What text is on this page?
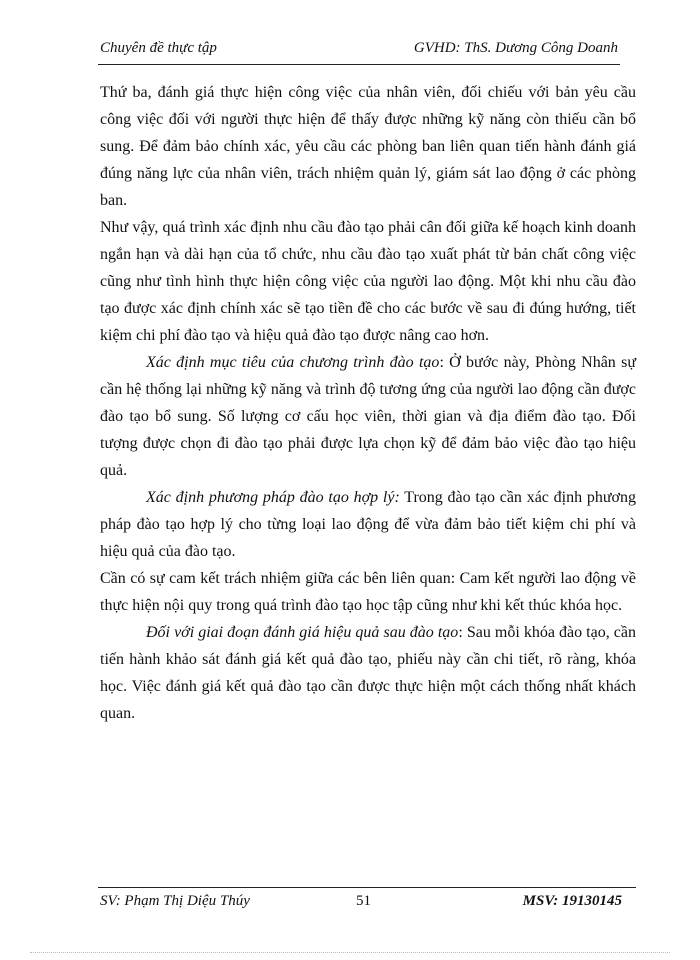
Chuyên đề thực tập	GVHD: ThS. Dương Công Doanh

Thứ ba, đánh giá thực hiện công việc của nhân viên, đối chiếu với bản yêu cầu công việc đối với người thực hiện để thấy được những kỹ năng còn thiếu cần bổ sung. Để đảm bảo chính xác, yêu cầu các phòng ban liên quan tiến hành đánh giá đúng năng lực của nhân viên, trách nhiệm quản lý, giám sát lao động ở các phòng ban.

Như vậy, quá trình xác định nhu cầu đào tạo phải cân đối giữa kế hoạch kinh doanh ngắn hạn và dài hạn của tổ chức, nhu cầu đào tạo xuất phát từ bản chất công việc cũng như tình hình thực hiện công việc của người lao động. Một khi nhu cầu đào tạo được xác định chính xác sẽ tạo tiền đề cho các bước về sau đi đúng hướng, tiết kiệm chi phí đào tạo và hiệu quả đào tạo được nâng cao hơn.

Xác định mục tiêu của chương trình đào tạo: Ở bước này, Phòng Nhân sự cần hệ thống lại những kỹ năng và trình độ tương ứng của người lao động cần được đào tạo bổ sung. Số lượng cơ cấu học viên, thời gian và địa điểm đào tạo. Đối tượng được chọn đi đào tạo phải được lựa chọn kỹ để đảm bảo việc đào tạo hiệu quả.

Xác định phương pháp đào tạo hợp lý: Trong đào tạo cần xác định phương pháp đào tạo hợp lý cho từng loại lao động để vừa đảm bảo tiết kiệm chi phí và hiệu quả của đào tạo.

Cần có sự cam kết trách nhiệm giữa các bên liên quan: Cam kết người lao động về thực hiện nội quy trong quá trình đào tạo học tập cũng như khi kết thúc khóa học.

Đối với giai đoạn đánh giá hiệu quả sau đào tạo: Sau mỗi khóa đào tạo, cần tiến hành khảo sát đánh giá kết quả đào tạo, phiếu này cần chi tiết, rõ ràng, khóa học. Việc đánh giá kết quả đào tạo cần được thực hiện một cách thống nhất khách quan.

SV: Phạm Thị Diệu Thúy	51	MSV: 19130145
